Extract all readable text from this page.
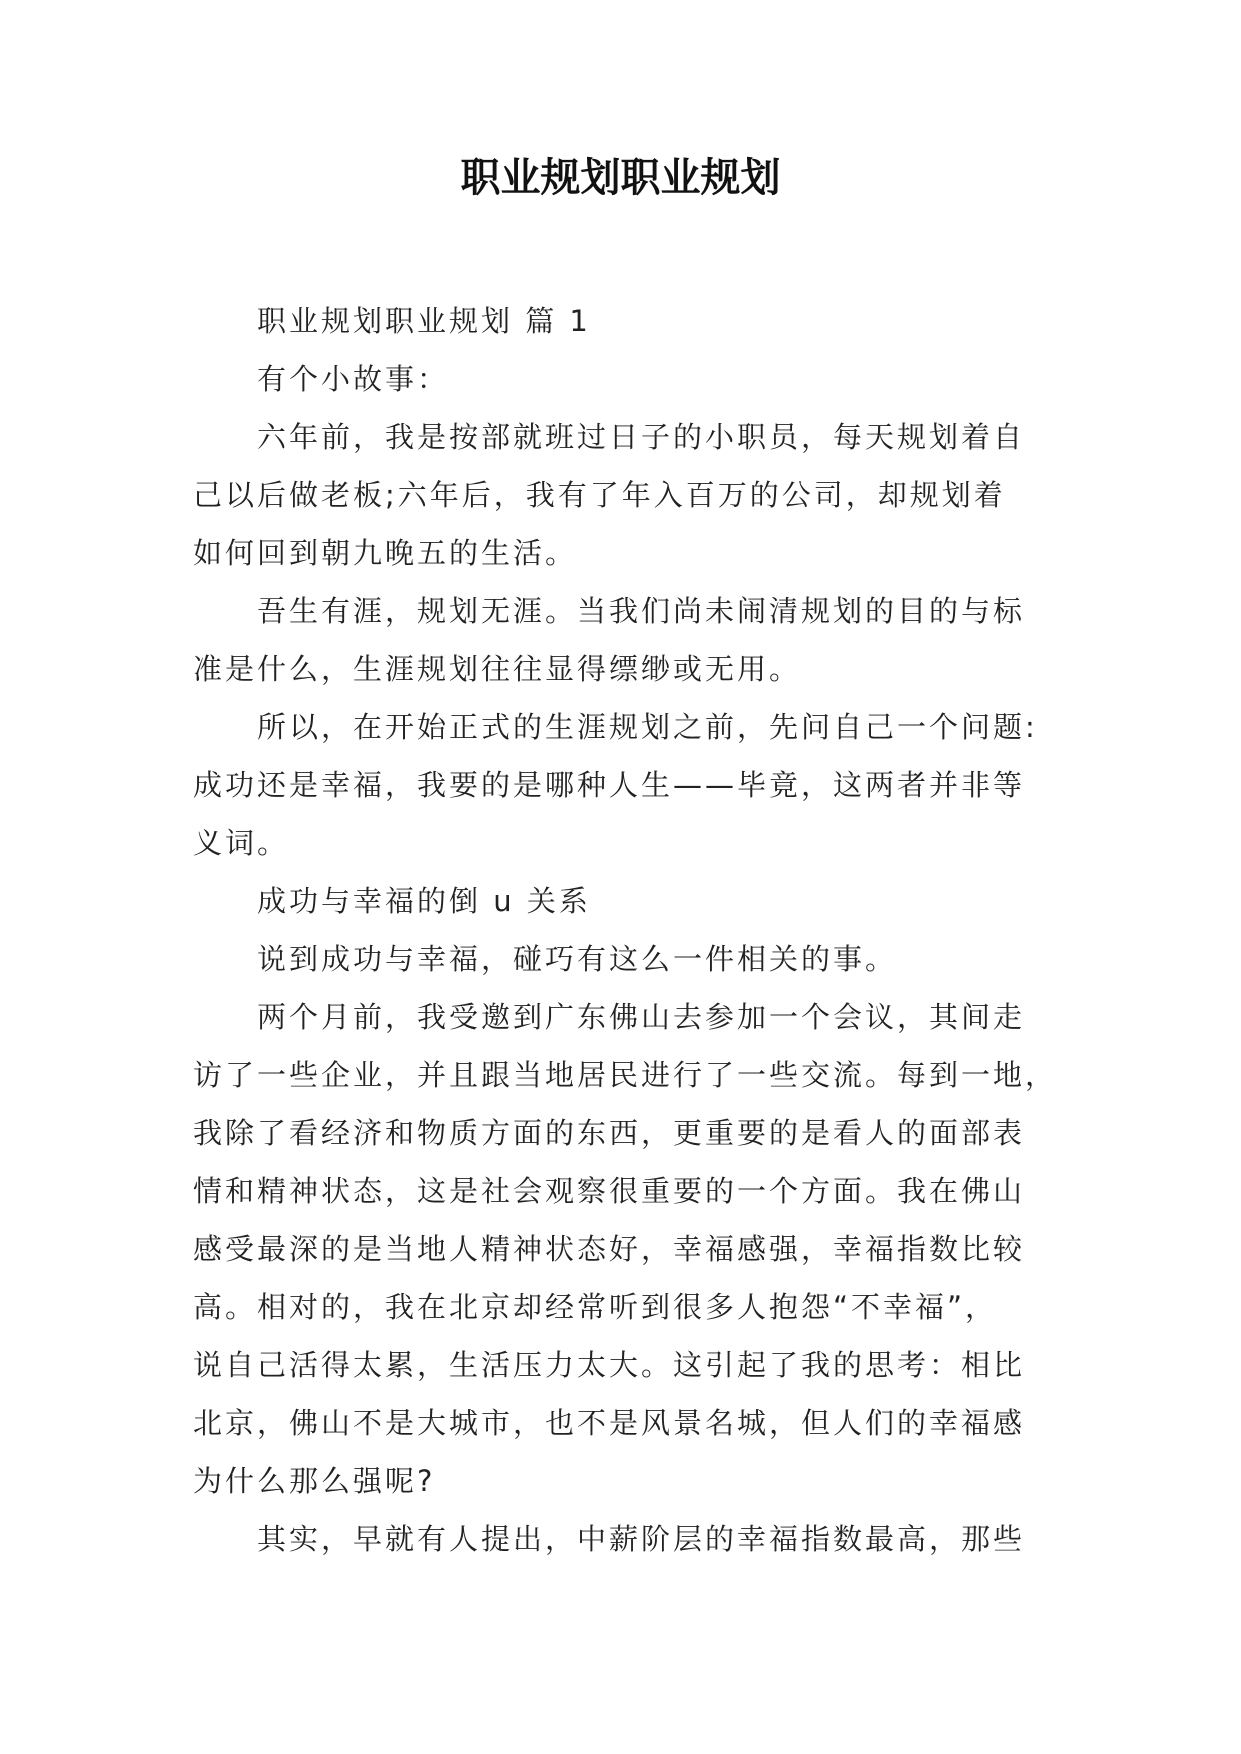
职业规划职业规划

职业规划职业规划 篇 1

有个小故事：

六年前，我是按部就班过日子的小职员，每天规划着自
己以后做老板;六年后，我有了年入百万的公司，却规划着
如何回到朝九晚五的生活。

吾生有涯，规划无涯。当我们尚未闹清规划的目的与标
准是什么，生涯规划往往显得缥缈或无用。

所以，在开始正式的生涯规划之前，先问自己一个问题:
成功还是幸福，我要的是哪种人生——毕竟，这两者并非等
义词。

成功与幸福的倒 u 关系

说到成功与幸福，碰巧有这么一件相关的事。

两个月前，我受邀到广东佛山去参加一个会议，其间走
访了一些企业，并且跟当地居民进行了一些交流。每到一地，
我除了看经济和物质方面的东西，更重要的是看人的面部表
情和精神状态，这是社会观察很重要的一个方面。我在佛山
感受最深的是当地人精神状态好，幸福感强，幸福指数比较
高。相对的，我在北京却经常听到很多人抱怨“不幸福”，
说自己活得太累，生活压力太大。这引起了我的思考：相比
北京，佛山不是大城市，也不是风景名城，但人们的幸福感
为什么那么强呢?

其实，早就有人提出，中薪阶层的幸福指数最高，那些
